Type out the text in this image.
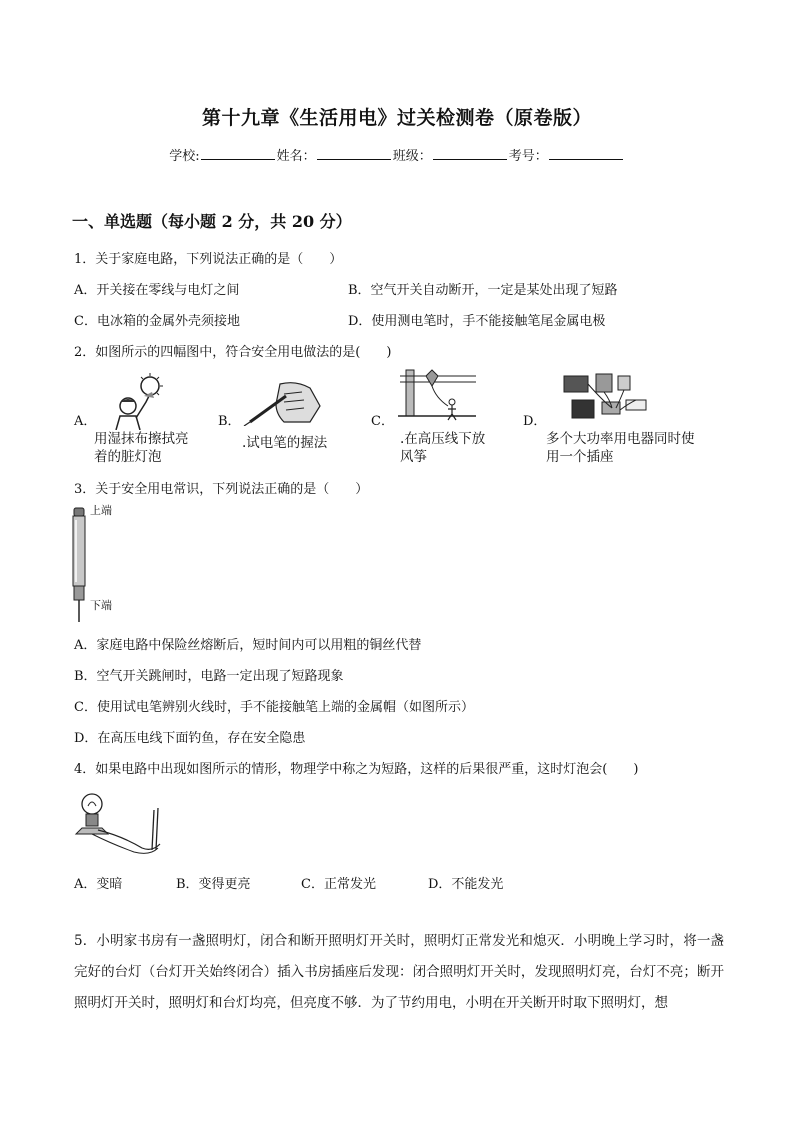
第十九章《生活用电》过关检测卷（原卷版）
学校:	姓名：	班级：	考号：
一、单选题（每小题 2 分，共 20 分）
1．关于家庭电路，下列说法正确的是（　　）
A．开关接在零线与电灯之间	B．空气开关自动断开，一定是某处出现了短路
C．电冰箱的金属外壳须接地	D．使用测电笔时，手不能接触笔尾金属电极
2．如图所示的四幅图中，符合安全用电做法的是(　　)
A．
用湿抹布擦拭亮着的脏灯泡
B．
.试电笔的握法
C．
.在高压线下放风筝
D．
多个大功率用电器同时使用一个插座
3．关于安全用电常识，下列说法正确的是（　　）
上端
下端
A．家庭电路中保险丝熔断后，短时间内可以用粗的铜丝代替
B．空气开关跳闸时，电路一定出现了短路现象
C．使用试电笔辨别火线时，手不能接触笔上端的金属帽（如图所示）
D．在高压电线下面钓鱼，存在安全隐患
4．如果电路中出现如图所示的情形，物理学中称之为短路，这样的后果很严重，这时灯泡会(　　)
A．变暗	B．变得更亮	C．正常发光	D．不能发光
5．小明家书房有一盏照明灯，闭合和断开照明灯开关时，照明灯正常发光和熄灭．小明晚上学习时，将一盏完好的台灯（台灯开关始终闭合）插入书房插座后发现：闭合照明灯开关时，发现照明灯亮，台灯不亮；断开照明灯开关时，照明灯和台灯均亮，但亮度不够．为了节约用电，小明在开关断开时取下照明灯，想
